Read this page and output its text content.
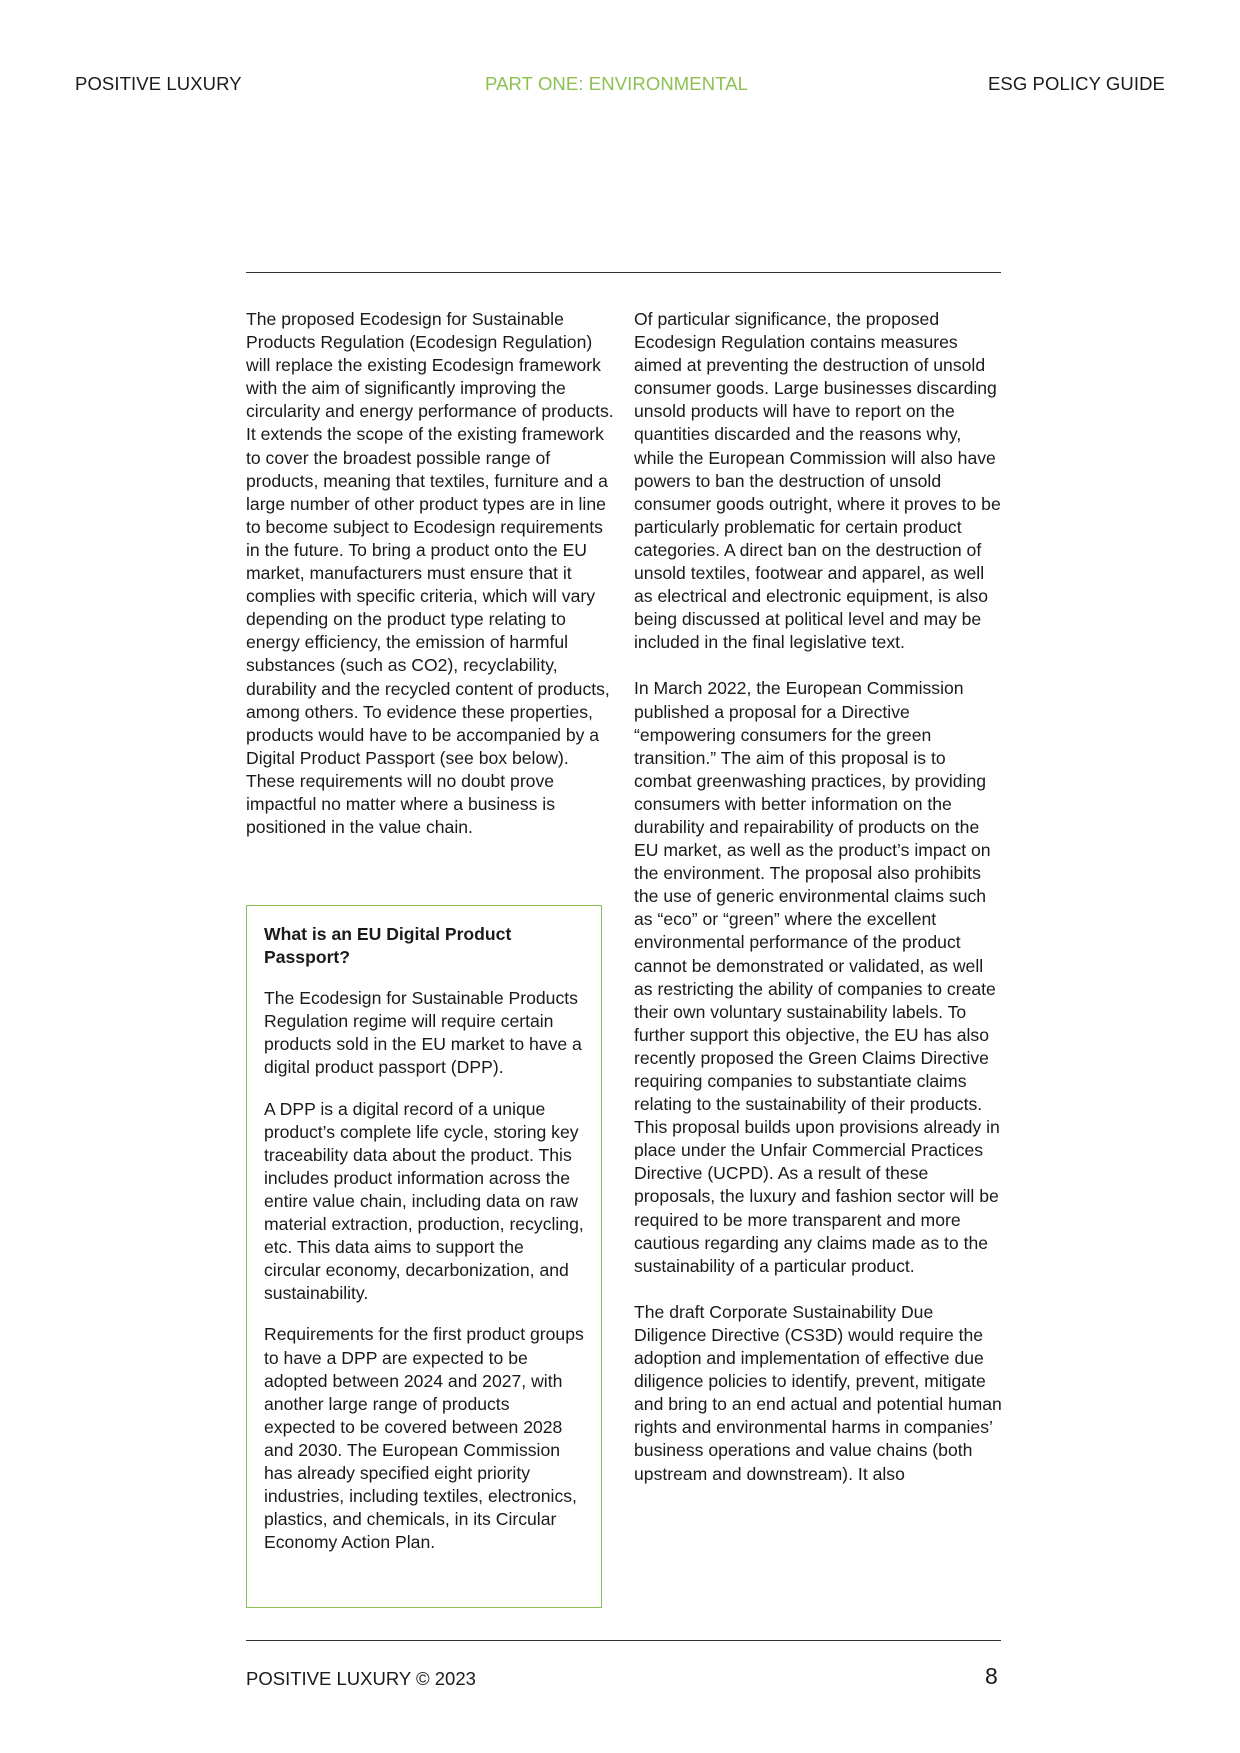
POSITIVE LUXURY	PART ONE: ENVIRONMENTAL	ESG POLICY GUIDE

The proposed Ecodesign for Sustainable Products Regulation (Ecodesign Regulation) will replace the existing Ecodesign framework with the aim of significantly improving the circularity and energy performance of products. It extends the scope of the existing framework to cover the broadest possible range of products, meaning that textiles, furniture and a large number of other product types are in line to become subject to Ecodesign requirements in the future. To bring a product onto the EU market, manufacturers must ensure that it complies with specific criteria, which will vary depending on the product type relating to energy efficiency, the emission of harmful substances (such as CO2), recyclability, durability and the recycled content of products, among others. To evidence these properties, products would have to be accompanied by a Digital Product Passport (see box below). These requirements will no doubt prove impactful no matter where a business is positioned in the value chain.

What is an EU Digital Product Passport?

The Ecodesign for Sustainable Products Regulation regime will require certain products sold in the EU market to have a digital product passport (DPP).

A DPP is a digital record of a unique product’s complete life cycle, storing key traceability data about the product. This includes product information across the entire value chain, including data on raw material extraction, production, recycling, etc. This data aims to support the circular economy, decarbonization, and sustainability.

Requirements for the first product groups to have a DPP are expected to be adopted between 2024 and 2027, with another large range of products expected to be covered between 2028 and 2030. The European Commission has already specified eight priority industries, including textiles, electronics, plastics, and chemicals, in its Circular Economy Action Plan.

Of particular significance, the proposed Ecodesign Regulation contains measures aimed at preventing the destruction of unsold consumer goods. Large businesses discarding unsold products will have to report on the quantities discarded and the reasons why, while the European Commission will also have powers to ban the destruction of unsold consumer goods outright, where it proves to be particularly problematic for certain product categories. A direct ban on the destruction of unsold textiles, footwear and apparel, as well as electrical and electronic equipment, is also being discussed at political level and may be included in the final legislative text.

In March 2022, the European Commission published a proposal for a Directive “empowering consumers for the green transition.” The aim of this proposal is to combat greenwashing practices, by providing consumers with better information on the durability and repairability of products on the EU market, as well as the product’s impact on the environment. The proposal also prohibits the use of generic environmental claims such as “eco” or “green” where the excellent environmental performance of the product cannot be demonstrated or validated, as well as restricting the ability of companies to create their own voluntary sustainability labels. To further support this objective, the EU has also recently proposed the Green Claims Directive requiring companies to substantiate claims relating to the sustainability of their products. This proposal builds upon provisions already in place under the Unfair Commercial Practices Directive (UCPD). As a result of these proposals, the luxury and fashion sector will be required to be more transparent and more cautious regarding any claims made as to the sustainability of a particular product.

The draft Corporate Sustainability Due Diligence Directive (CS3D) would require the adoption and implementation of effective due diligence policies to identify, prevent, mitigate and bring to an end actual and potential human rights and environmental harms in companies’ business operations and value chains (both upstream and downstream). It also

POSITIVE LUXURY © 2023	8
